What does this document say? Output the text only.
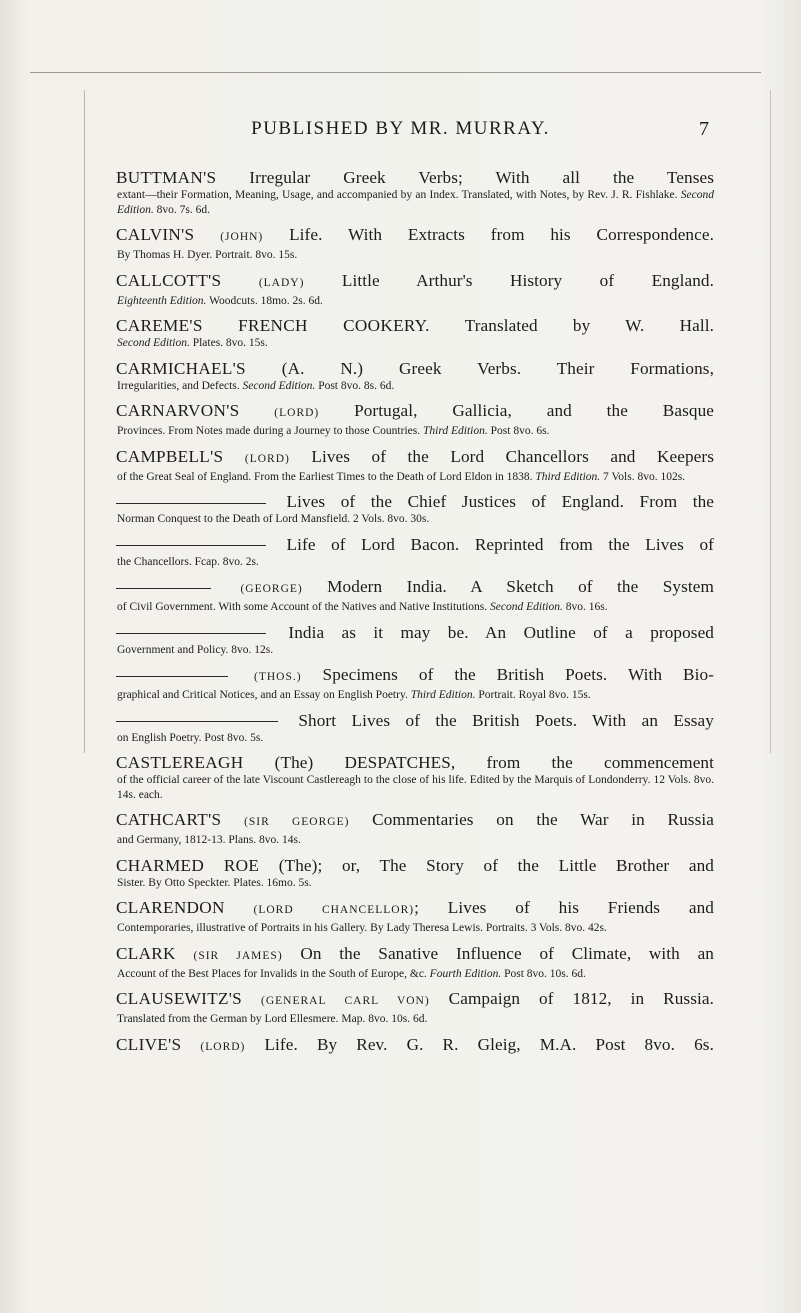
PUBLISHED BY MR. MURRAY.	7
BUTTMAN'S Irregular Greek Verbs; With all the Tenses
extant—their Formation, Meaning, Usage, and accompanied by an Index. Translated, with Notes, by Rev. J. R. Fishlake. Second Edition. 8vo. 7s. 6d.
CALVIN'S (JOHN) Life. With Extracts from his Correspondence.
By Thomas H. Dyer. Portrait. 8vo. 15s.
CALLCOTT'S	(LADY) Little Arthur's History of England.
Eighteenth Edition. Woodcuts. 18mo. 2s. 6d.
CAREME'S FRENCH COOKERY. Translated by W. Hall.
Second Edition. Plates. 8vo. 15s.
CARMICHAEL'S (A. N.) Greek Verbs. Their Formations,
Irregularities, and Defects. Second Edition. Post 8vo. 8s. 6d.
CARNARVON'S	(LORD) Portugal, Gallicia, and the Basque
Provinces. From Notes made during a Journey to those Countries. Third Edition. Post 8vo. 6s.
CAMPBELL'S (LORD) Lives of the Lord Chancellors and Keepers
of the Great Seal of England. From the Earliest Times to the Death of Lord Eldon in 1838. Third Edition. 7 Vols. 8vo. 102s.
Lives of the Chief Justices of England. From the
Norman Conquest to the Death of Lord Mansfield. 2 Vols. 8vo. 30s.
Life of Lord Bacon. Reprinted from the Lives of
the Chancellors. Fcap. 8vo. 2s.
(GEORGE) Modern India. A Sketch of the System
of Civil Government. With some Account of the Natives and Native Institutions. Second Edition. 8vo. 16s.
India as it may be. An Outline of a proposed
Government and Policy. 8vo. 12s.
(THOS.) Specimens of the British Poets. With Bio-
graphical and Critical Notices, and an Essay on English Poetry. Third Edition. Portrait. Royal 8vo. 15s.
Short Lives of the British Poets. With an Essay
on English Poetry. Post 8vo. 5s.
CASTLEREAGH (The) DESPATCHES, from the commencement
of the official career of the late Viscount Castlereagh to the close of his life. Edited by the Marquis of Londonderry. 12 Vols. 8vo. 14s. each.
CATHCART'S (SIR GEORGE) Commentaries on the War in Russia
and Germany, 1812-13. Plans. 8vo. 14s.
CHARMED ROE (The); or, The Story of the Little Brother and
Sister. By Otto Speckter. Plates. 16mo. 5s.
CLARENDON	(LORD CHANCELLOR); Lives of his Friends and
Contemporaries, illustrative of Portraits in his Gallery. By Lady Theresa Lewis. Portraits. 3 Vols. 8vo. 42s.
CLARK (SIR JAMES) On the Sanative Influence of Climate, with an
Account of the Best Places for Invalids in the South of Europe, &c. Fourth Edition. Post 8vo. 10s. 6d.
CLAUSEWITZ'S (GENERAL CARL VON) Campaign of 1812, in Russia.
Translated from the German by Lord Ellesmere. Map. 8vo. 10s. 6d.
CLIVE'S (LORD) Life. By Rev. G. R. Gleig, M.A. Post 8vo. 6s.
